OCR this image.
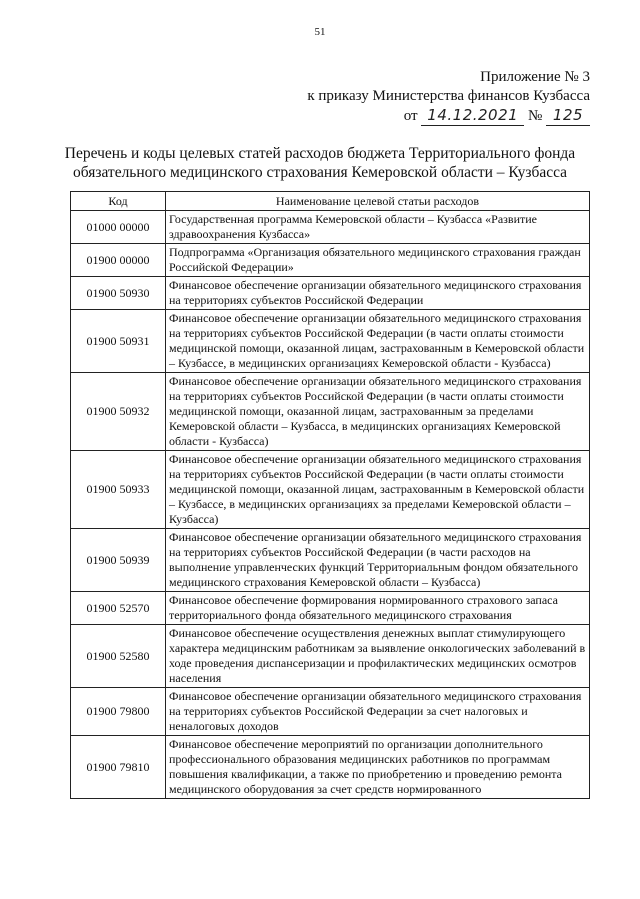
51
Приложение № 3
к приказу Министерства финансов Кузбасса
от 14.12.2021 № 125
Перечень и коды целевых статей расходов бюджета Территориального фонда обязательного медицинского страхования Кемеровской области – Кузбасса
Код	Наименование целевой статьи расходов
01000 00000	Государственная программа Кемеровской области – Кузбасса «Развитие здравоохранения Кузбасса»
01900 00000	Подпрограмма «Организация обязательного медицинского страхования граждан Российской Федерации»
01900 50930	Финансовое обеспечение организации обязательного медицинского страхования на территориях субъектов Российской Федерации
01900 50931	Финансовое обеспечение организации обязательного медицинского страхования на территориях субъектов Российской Федерации (в части оплаты стоимости медицинской помощи, оказанной лицам, застрахованным в Кемеровской области – Кузбассе, в медицинских организациях Кемеровской области - Кузбасса)
01900 50932	Финансовое обеспечение организации обязательного медицинского страхования на территориях субъектов Российской Федерации (в части оплаты стоимости медицинской помощи, оказанной лицам, застрахованным за пределами Кемеровской области – Кузбасса, в медицинских организациях Кемеровской области - Кузбасса)
01900 50933	Финансовое обеспечение организации обязательного медицинского страхования на территориях субъектов Российской Федерации (в части оплаты стоимости медицинской помощи, оказанной лицам, застрахованным в Кемеровской области – Кузбассе, в медицинских организациях за пределами Кемеровской области – Кузбасса)
01900 50939	Финансовое обеспечение организации обязательного медицинского страхования на территориях субъектов Российской Федерации (в части расходов на выполнение управленческих функций Территориальным фондом обязательного медицинского страхования Кемеровской области – Кузбасса)
01900 52570	Финансовое обеспечение формирования нормированного страхового запаса территориального фонда обязательного медицинского страхования
01900 52580	Финансовое обеспечение осуществления денежных выплат стимулирующего характера медицинским работникам за выявление онкологических заболеваний в ходе проведения диспансеризации и профилактических медицинских осмотров населения
01900 79800	Финансовое обеспечение организации обязательного медицинского страхования на территориях субъектов Российской Федерации за счет налоговых и неналоговых доходов
01900 79810	Финансовое обеспечение мероприятий по организации дополнительного профессионального образования медицинских работников по программам повышения квалификации, а также по приобретению и проведению ремонта медицинского оборудования за счет средств нормированного
